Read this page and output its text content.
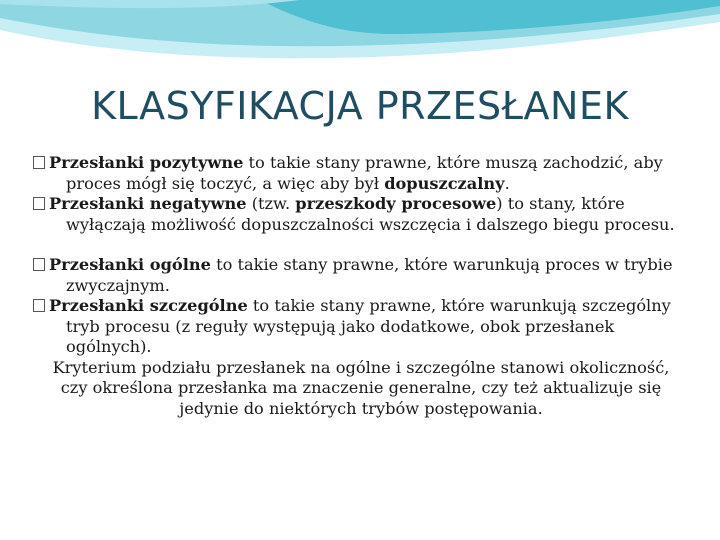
KLASYFIKACJA PRZESŁANEK
Przesłanki pozytywne to takie stany prawne, które muszą zachodzić, aby proces mógł się toczyć, a więc aby był dopuszczalny.
Przesłanki negatywne (tzw. przeszkody procesowe) to stany, które wyłączają możliwość dopuszczalności wszczęcia i dalszego biegu procesu.
Przesłanki ogólne to takie stany prawne, które warunkują proces w trybie zwyczajnym.
Przesłanki szczególne to takie stany prawne, które warunkują szczególny tryb procesu (z reguły występują jako dodatkowe, obok przesłanek ogólnych).
Kryterium podziału przesłanek na ogólne i szczególne stanowi okoliczność, czy określona przesłanka ma znaczenie generalne, czy też aktualizuje się jedynie do niektórych trybów postępowania.
